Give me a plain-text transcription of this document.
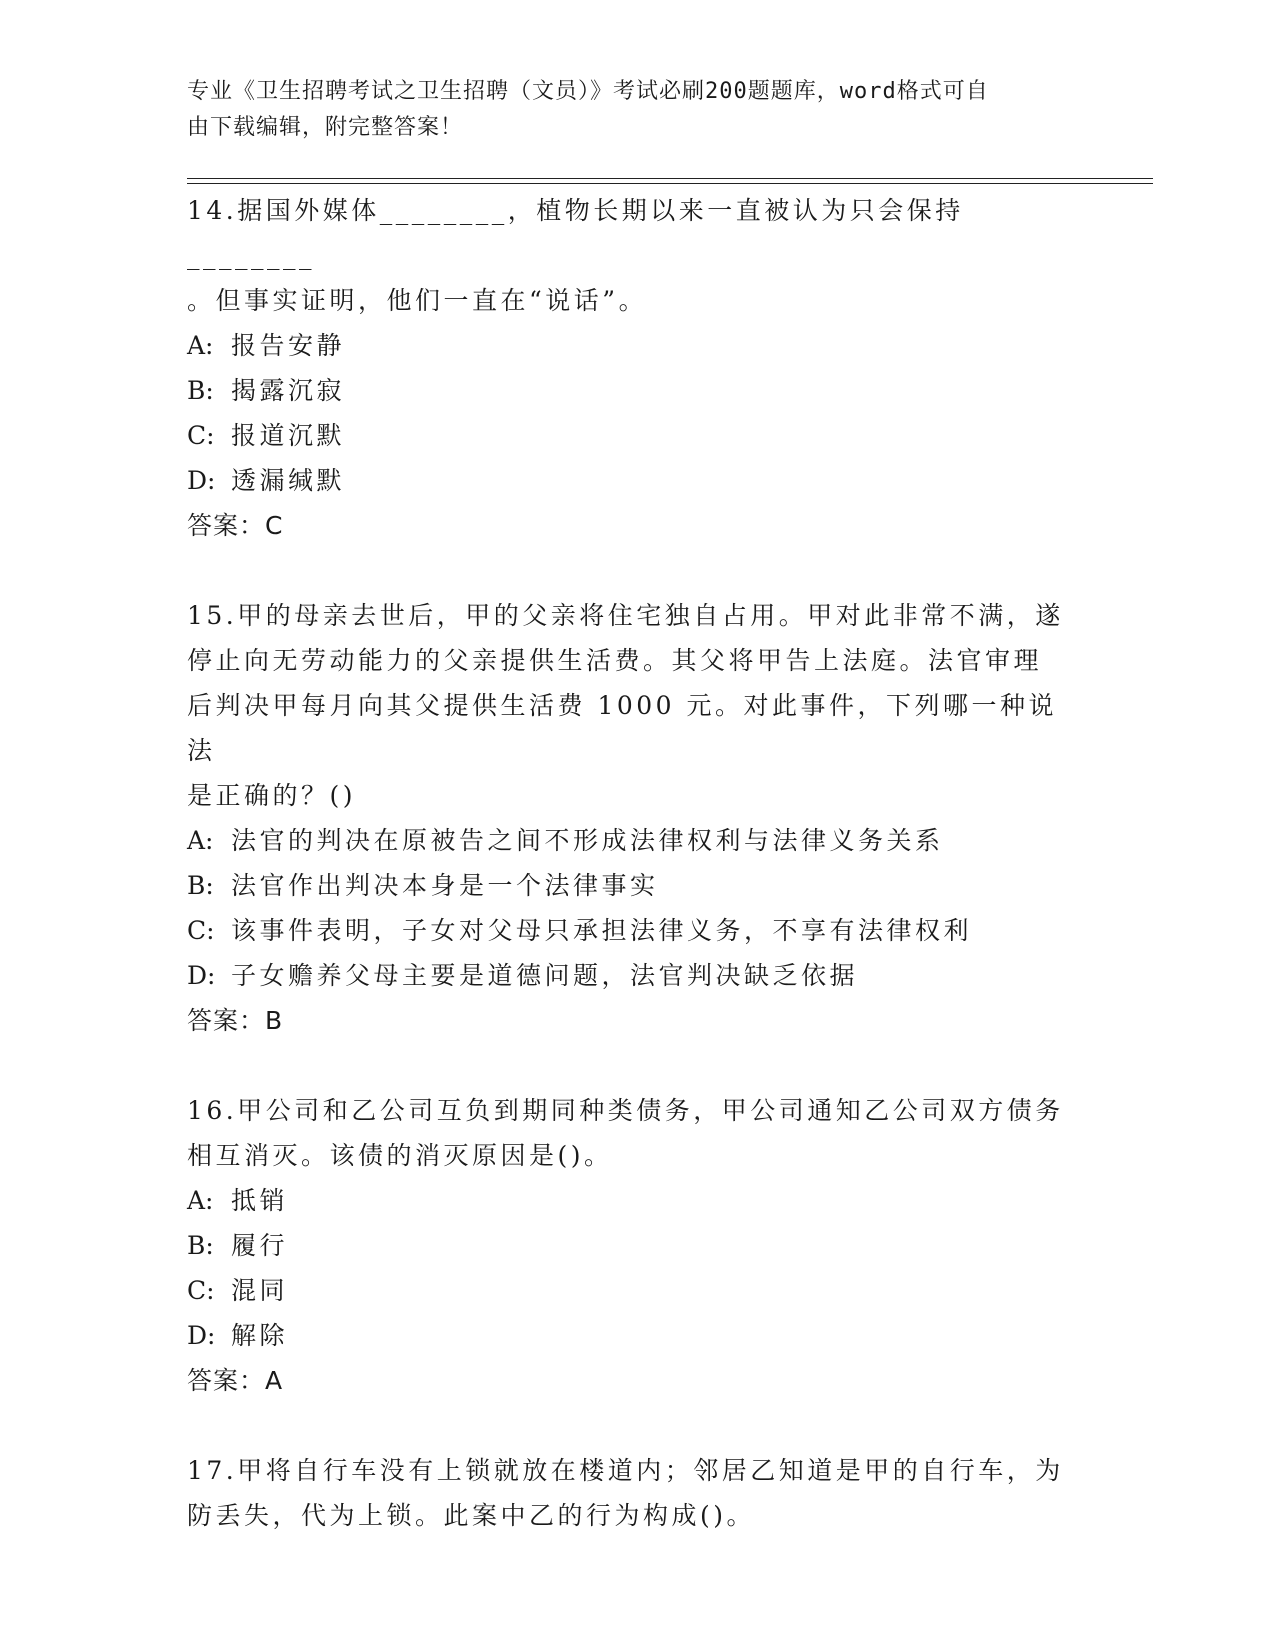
专业《卫生招聘考试之卫生招聘（文员）》考试必刷200题题库，word格式可自
由下载编辑，附完整答案！

14.据国外媒体________，植物长期以来一直被认为只会保持________

。但事实证明，他们一直在“说话”。

A: 报告安静

B: 揭露沉寂

C: 报道沉默

D: 透漏缄默

答案：C

15.甲的母亲去世后，甲的父亲将住宅独自占用。甲对此非常不满，遂

停止向无劳动能力的父亲提供生活费。其父将甲告上法庭。法官审理

后判决甲每月向其父提供生活费 1000 元。对此事件，下列哪一种说法

是正确的？()

A: 法官的判决在原被告之间不形成法律权利与法律义务关系

B: 法官作出判决本身是一个法律事实

C: 该事件表明，子女对父母只承担法律义务，不享有法律权利

D: 子女赡养父母主要是道德问题，法官判决缺乏依据

答案：B

16.甲公司和乙公司互负到期同种类债务，甲公司通知乙公司双方债务

相互消灭。该债的消灭原因是()。

A: 抵销

B: 履行

C: 混同

D: 解除

答案：A

17.甲将自行车没有上锁就放在楼道内；邻居乙知道是甲的自行车，为

防丢失，代为上锁。此案中乙的行为构成()。
